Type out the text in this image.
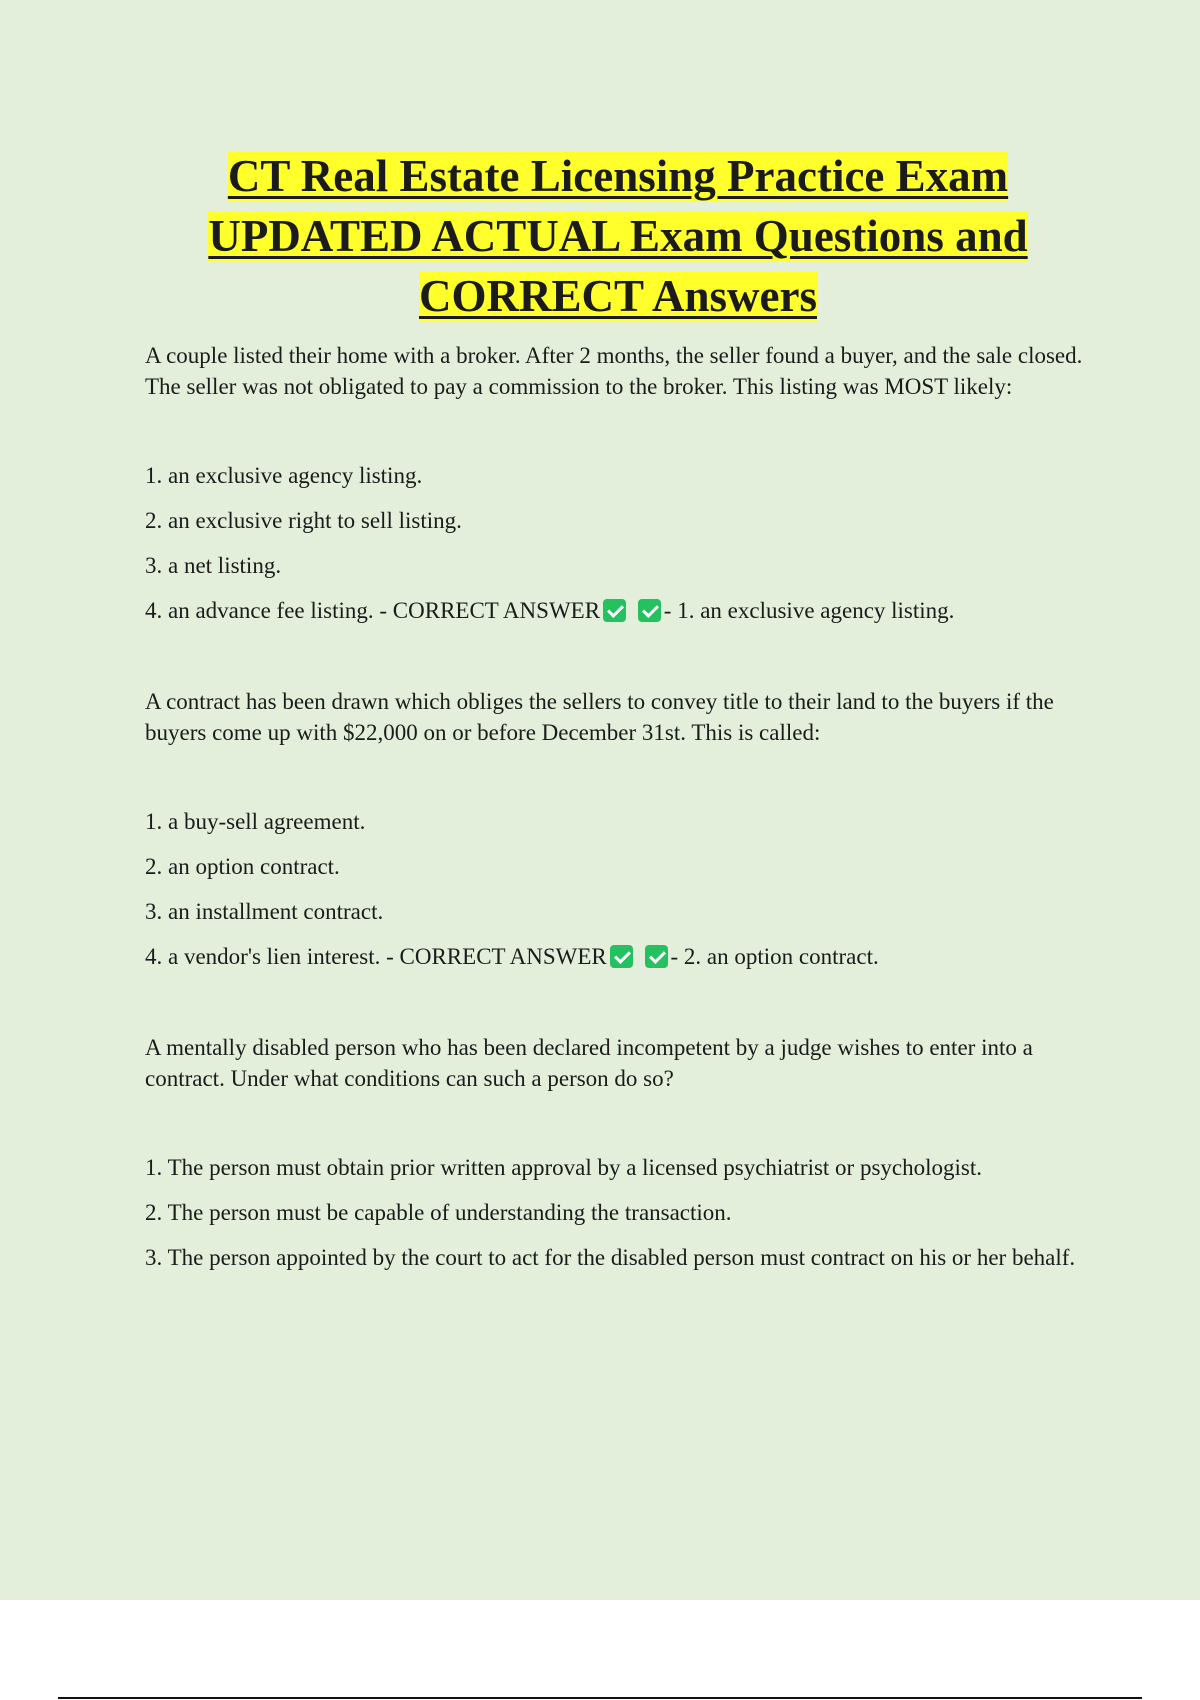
CT Real Estate Licensing Practice Exam UPDATED ACTUAL Exam Questions and CORRECT Answers

A couple listed their home with a broker. After 2 months, the seller found a buyer, and the sale closed. The seller was not obligated to pay a commission to the broker. This listing was MOST likely:

1. an exclusive agency listing.

2. an exclusive right to sell listing.

3. a net listing.

4. an advance fee listing. - CORRECT ANSWER	- 1. an exclusive agency listing.

A contract has been drawn which obliges the sellers to convey title to their land to the buyers if the buyers come up with $22,000 on or before December 31st. This is called:

1. a buy-sell agreement.

2. an option contract.

3. an installment contract.

4. a vendor's lien interest. - CORRECT ANSWER	- 2. an option contract.

A mentally disabled person who has been declared incompetent by a judge wishes to enter into a contract. Under what conditions can such a person do so?

1. The person must obtain prior written approval by a licensed psychiatrist or psychologist.

2. The person must be capable of understanding the transaction.

3. The person appointed by the court to act for the disabled person must contract on his or her behalf.
